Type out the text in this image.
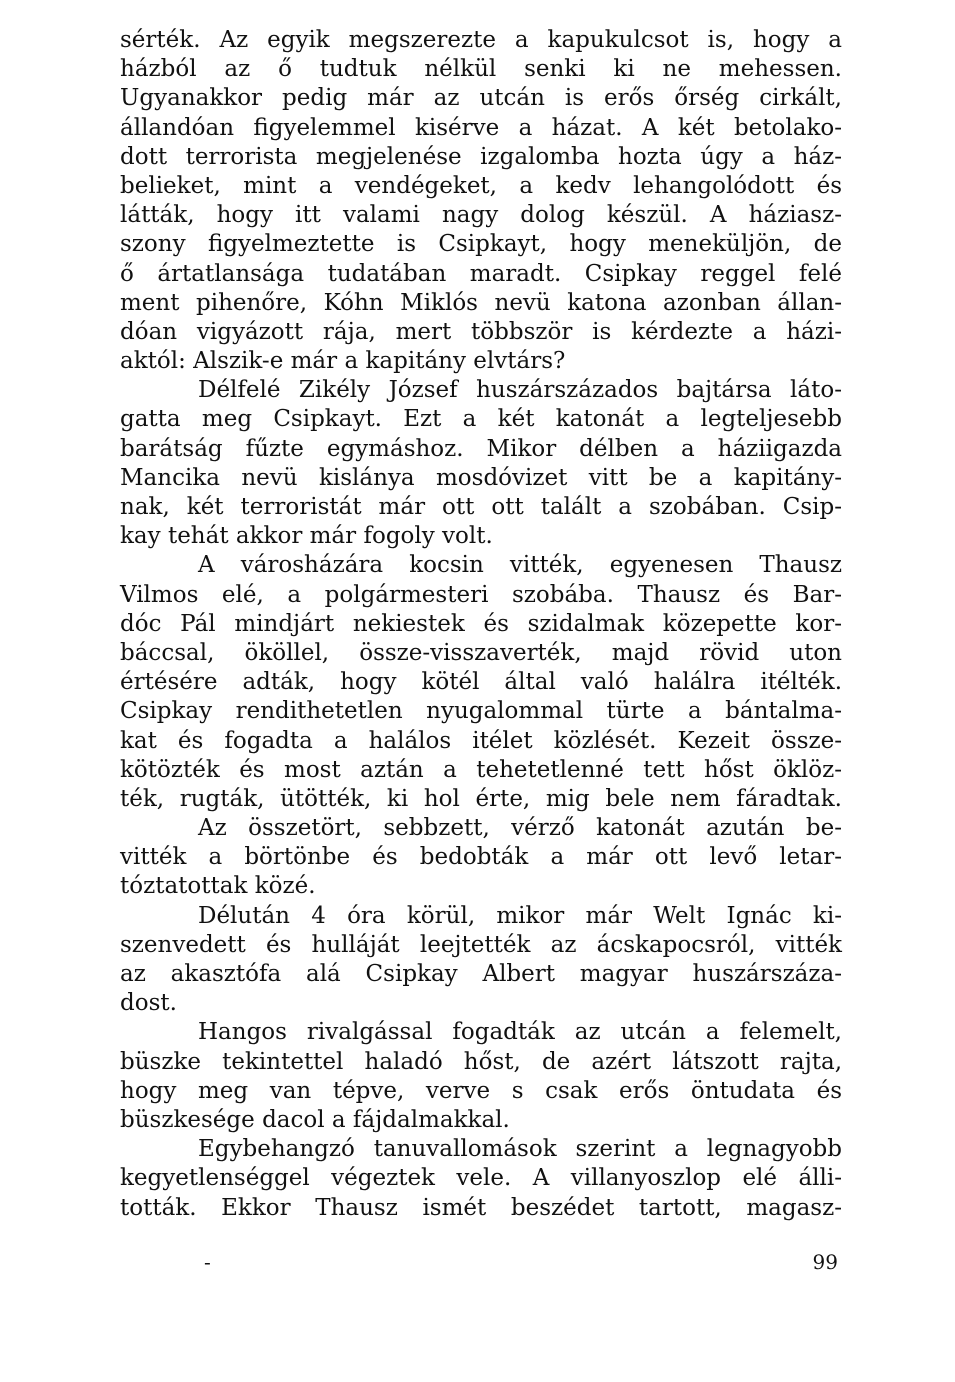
sérték. Az egyik megszerezte a kapukulcsot is, hogy a
házból az ő tudtuk nélkül senki ki ne mehessen.
Ugyanakkor pedig már az utcán is erős őrség cirkált,
állandóan figyelemmel kisérve a házat. A két betolako-
dott terrorista megjelenése izgalomba hozta úgy a ház-
belieket, mint a vendégeket, a kedv lehangolódott és
látták, hogy itt valami nagy dolog készül. A háziasz-
szony figyelmeztette is Csipkayt, hogy meneküljön, de
ő ártatlansága tudatában maradt. Csipkay reggel felé
ment pihenőre, Kóhn Miklós nevü katona azonban állan-
dóan vigyázott rája, mert többször is kérdezte a házi-
aktól: Alszik-e már a kapitány elvtárs?
Délfelé Zikély József huszárszázados bajtársa láto-
gatta meg Csipkayt. Ezt a két katonát a legteljesebb
barátság fűzte egymáshoz. Mikor délben a háziigazda
Mancika nevü kislánya mosdóvizet vitt be a kapitány-
nak, két terroristát már ott ott talált a szobában. Csip-
kay tehát akkor már fogoly volt.
A városházára kocsin vitték, egyenesen Thausz
Vilmos elé, a polgármesteri szobába. Thausz és Bar-
dóc Pál mindjárt nekiestek és szidalmak közepette kor-
báccsal, ököllel, össze-visszaverték, majd rövid uton
értésére adták, hogy kötél által való halálra itélték.
Csipkay rendithetetlen nyugalommal türte a bántalma-
kat és fogadta a halálos itélet közlését. Kezeit össze-
kötözték és most aztán a tehetetlenné tett hőst öklöz-
ték, rugták, ütötték, ki hol érte, mig bele nem fáradtak.
Az összetört, sebbzett, vérző katonát azután be-
vitték a börtönbe és bedobták a már ott levő letar-
tóztatottak közé.
Délután 4 óra körül, mikor már Welt Ignác ki-
szenvedett és hulláját leejtették az ácskapocsról, vitték
az akasztófa alá Csipkay Albert magyar huszárszáza-
dost.
Hangos rivalgással fogadták az utcán a felemelt,
büszke tekintettel haladó hőst, de azért látszott rajta,
hogy meg van tépve, verve s csak erős öntudata és
büszkesége dacol a fájdalmakkal.
Egybehangzó tanuvallomások szerint a legnagyobb
kegyetlenséggel végeztek vele. A villanyoszlop elé álli-
tották. Ekkor Thausz ismét beszédet tartott, magasz-
-	99
